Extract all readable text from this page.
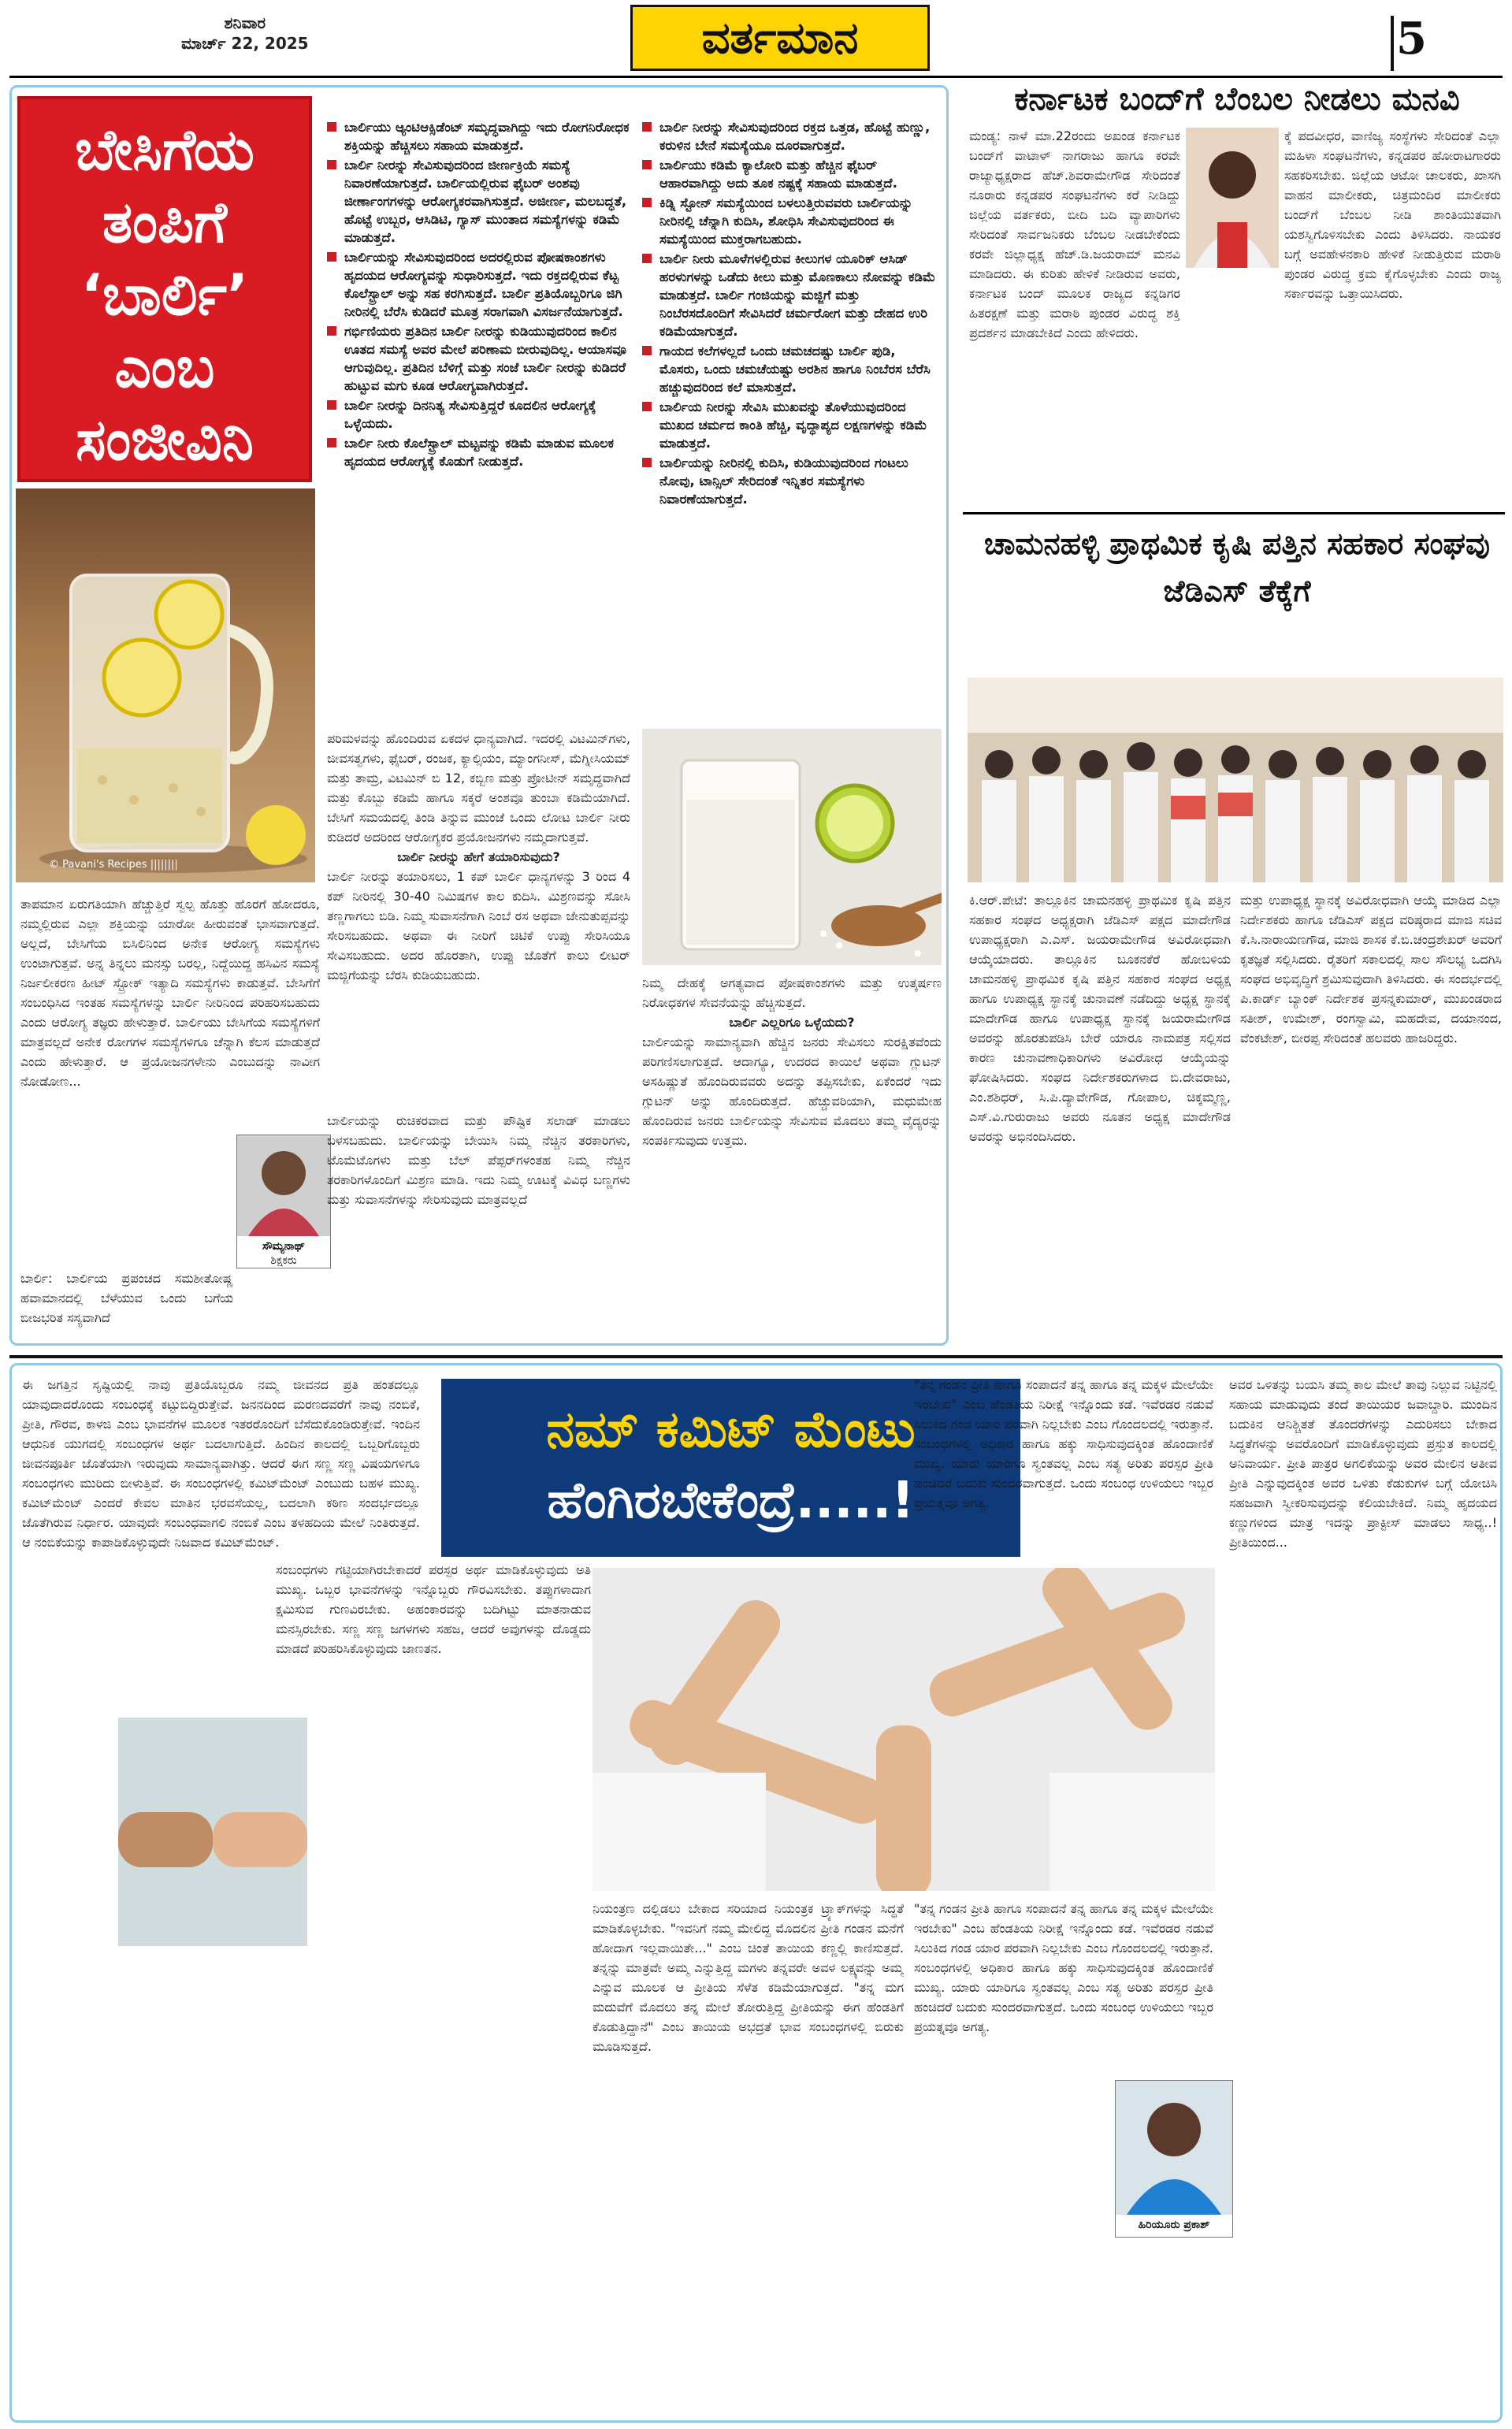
ಶನಿವಾರ
ಮಾರ್ಚ್ 22, 2025	ವರ್ತಮಾನ	5
ಬೇಸಿಗೆಯ
ತಂಪಿಗೆ
‘ಬಾರ್ಲಿ’
ಎಂಬ
ಸಂಜೀವಿನಿ
© Pavani's Recipes ||||||||
ಬಾರ್ಲಿಯು ಆ್ಯಂಟಿಆಕ್ಸಿಡೆಂಟ್ ಸಮೃದ್ಧವಾಗಿದ್ದು ಇದು ರೋಗನಿರೋಧಕ ಶಕ್ತಿಯನ್ನು ಹೆಚ್ಚಿಸಲು ಸಹಾಯ ಮಾಡುತ್ತದೆ.
ಬಾರ್ಲಿ ನೀರನ್ನು ಸೇವಿಸುವುದರಿಂದ ಜೀರ್ಣಕ್ರಿಯೆ ಸಮಸ್ಯೆ ನಿವಾರಣೆಯಾಗುತ್ತದೆ. ಬಾರ್ಲಿಯಲ್ಲಿರುವ ಫೈಬರ್ ಅಂಶವು ಜೀರ್ಣಾಂಗಗಳನ್ನು ಆರೋಗ್ಯಕರವಾಗಿಸುತ್ತದೆ. ಅಜೀರ್ಣ, ಮಲಬದ್ಧತೆ, ಹೊಟ್ಟೆ ಉಬ್ಬರ, ಆಸಿಡಿಟಿ, ಗ್ಯಾಸ್ ಮುಂತಾದ ಸಮಸ್ಯೆಗಳನ್ನು ಕಡಿಮೆ ಮಾಡುತ್ತದೆ.
ಬಾರ್ಲಿಯನ್ನು ಸೇವಿಸುವುದರಿಂದ ಅದರಲ್ಲಿರುವ ಪೋಷಕಾಂಶಗಳು ಹೃದಯದ ಆರೋಗ್ಯವನ್ನು ಸುಧಾರಿಸುತ್ತದೆ. ಇದು ರಕ್ತದಲ್ಲಿರುವ ಕೆಟ್ಟ ಕೊಲೆಸ್ಟ್ರಾಲ್ ಅನ್ನು ಸಹ ಕರಗಿಸುತ್ತದೆ. ಬಾರ್ಲಿ ಪ್ರತಿಯೊಬ್ಬರಿಗೂ ಜಿಗಿ ನೀರಿನಲ್ಲಿ ಬೆರೆಸಿ ಕುಡಿದರೆ ಮೂತ್ರ ಸರಾಗವಾಗಿ ವಿಸರ್ಜನೆಯಾಗುತ್ತದೆ.
ಗರ್ಭಿಣಿಯರು ಪ್ರತಿದಿನ ಬಾರ್ಲಿ ನೀರನ್ನು ಕುಡಿಯುವುದರಿಂದ ಕಾಲಿನ ಊತದ ಸಮಸ್ಯೆ ಅವರ ಮೇಲೆ ಪರಿಣಾಮ ಬೀರುವುದಿಲ್ಲ. ಆಯಾಸವೂ ಆಗುವುದಿಲ್ಲ. ಪ್ರತಿದಿನ ಬೆಳಿಗ್ಗೆ ಮತ್ತು ಸಂಜೆ ಬಾರ್ಲಿ ನೀರನ್ನು ಕುಡಿದರೆ ಹುಟ್ಟುವ ಮಗು ಕೂಡ ಆರೋಗ್ಯವಾಗಿರುತ್ತದೆ.
ಬಾರ್ಲಿ ನೀರನ್ನು ದಿನನಿತ್ಯ ಸೇವಿಸುತ್ತಿದ್ದರೆ ಕೂದಲಿನ ಆರೋಗ್ಯಕ್ಕೆ ಒಳ್ಳೆಯದು.
ಬಾರ್ಲಿ ನೀರು ಕೊಲೆಸ್ಟ್ರಾಲ್ ಮಟ್ಟವನ್ನು ಕಡಿಮೆ ಮಾಡುವ ಮೂಲಕ ಹೃದಯದ ಆರೋಗ್ಯಕ್ಕೆ ಕೊಡುಗೆ ನೀಡುತ್ತದೆ.
ಬಾರ್ಲಿ ನೀರನ್ನು ಸೇವಿಸುವುದರಿಂದ ರಕ್ತದ ಒತ್ತಡ, ಹೊಟ್ಟೆ ಹುಣ್ಣು, ಕರುಳಿನ ಬೇನೆ ಸಮಸ್ಯೆಯೂ ದೂರವಾಗುತ್ತದೆ.
ಬಾರ್ಲಿಯು ಕಡಿಮೆ ಕ್ಯಾಲೋರಿ ಮತ್ತು ಹೆಚ್ಚಿನ ಫೈಬರ್ ಆಹಾರವಾಗಿದ್ದು ಅದು ತೂಕ ನಷ್ಟಕ್ಕೆ ಸಹಾಯ ಮಾಡುತ್ತದೆ.
ಕಿಡ್ನಿ ಸ್ಟೋನ್ ಸಮಸ್ಯೆಯಿಂದ ಬಳಲುತ್ತಿರುವವರು ಬಾರ್ಲಿಯನ್ನು ನೀರಿನಲ್ಲಿ ಚೆನ್ನಾಗಿ ಕುದಿಸಿ, ಶೋಧಿಸಿ ಸೇವಿಸುವುದರಿಂದ ಈ ಸಮಸ್ಯೆಯಿಂದ ಮುಕ್ತರಾಗಬಹುದು.
ಬಾರ್ಲಿ ನೀರು ಮೂಳೆಗಳಲ್ಲಿರುವ ಕೀಲುಗಳ ಯೂರಿಕ್ ಆಸಿಡ್ ಹರಳುಗಳನ್ನು ಒಡೆದು ಕೀಲು ಮತ್ತು ಮೊಣಕಾಲು ನೋವನ್ನು ಕಡಿಮೆ ಮಾಡುತ್ತದೆ. ಬಾರ್ಲಿ ಗಂಜಿಯನ್ನು ಮಜ್ಜಿಗೆ ಮತ್ತು ನಿಂಬೆರಸದೊಂದಿಗೆ ಸೇವಿಸಿದರೆ ಚರ್ಮರೋಗ ಮತ್ತು ದೇಹದ ಉರಿ ಕಡಿಮೆಯಾಗುತ್ತದೆ.
ಗಾಯದ ಕಲೆಗಳಲ್ಲದೆ ಒಂದು ಚಮಚದಷ್ಟು ಬಾರ್ಲಿ ಪುಡಿ, ಮೊಸರು, ಒಂದು ಚಮಚೆಯಷ್ಟು ಅರಶಿನ ಹಾಗೂ ನಿಂಬೆರಸ ಬೆರೆಸಿ ಹಚ್ಚುವುದರಿಂದ ಕಲೆ ಮಾಸುತ್ತದೆ.
ಬಾರ್ಲಿಯ ನೀರನ್ನು ಸೇವಿಸಿ ಮುಖವನ್ನು ತೊಳೆಯುವುದರಿಂದ ಮುಖದ ಚರ್ಮದ ಕಾಂತಿ ಹೆಚ್ಚಿ, ವೃದ್ಧಾಪ್ಯದ ಲಕ್ಷಣಗಳನ್ನು ಕಡಿಮೆ ಮಾಡುತ್ತದೆ.
ಬಾರ್ಲಿಯನ್ನು ನೀರಿನಲ್ಲಿ ಕುದಿಸಿ, ಕುಡಿಯುವುದರಿಂದ ಗಂಟಲು ನೋವು, ಟಾನ್ಸಿಲ್ ಸೇರಿದಂತೆ ಇನ್ನಿತರ ಸಮಸ್ಯೆಗಳು ನಿವಾರಣೆಯಾಗುತ್ತದೆ.

ತಾಪಮಾನ ಏರುಗತಿಯಾಗಿ ಹೆಚ್ಚುತ್ತಿರೆ ಸ್ವಲ್ಪ ಹೊತ್ತು ಹೊರಗೆ ಹೋದರೂ, ನಮ್ಮಲ್ಲಿರುವ ಎಲ್ಲಾ ಶಕ್ತಿಯನ್ನು ಯಾರೋ ಹೀರುವಂತೆ ಭಾಸವಾಗುತ್ತದೆ. ಅಲ್ಲದೆ, ಬೇಸಿಗೆಯ ಬಿಸಿಲಿನಿಂದ ಅನೇಕ ಆರೋಗ್ಯ ಸಮಸ್ಯೆಗಳು ಉಂಟಾಗುತ್ತವೆ. ಅನ್ನ ತಿನ್ನಲು ಮನಸ್ಸು ಬರಲ್ಲ, ನಿದ್ದೆಯಿದ್ದ ಹಸಿವಿನ ಸಮಸ್ಯೆ ನಿರ್ಜಲೀಕರಣ ಹೀಟ್ ಸ್ಟ್ರೋಕ್ ಇತ್ಯಾದಿ ಸಮಸ್ಯೆಗಳು ಕಾಡುತ್ತವೆ. ಬೇಸಿಗೆಗೆ ಸಂಬಂಧಿಸಿದ ಇಂತಹ ಸಮಸ್ಯೆಗಳನ್ನು ಬಾರ್ಲಿ ನೀರಿನಿಂದ ಪರಿಹರಿಸಬಹುದು ಎಂದು ಆರೋಗ್ಯ ತಜ್ಞರು ಹೇಳುತ್ತಾರೆ. ಬಾರ್ಲಿಯು ಬೇಸಿಗೆಯ ಸಮಸ್ಯೆಗಳಿಗೆ ಮಾತ್ರವಲ್ಲದೆ ಅನೇಕ ರೋಗಗಳ ಸಮಸ್ಯೆಗಳಿಗೂ ಚೆನ್ನಾಗಿ ಕೆಲಸ ಮಾಡುತ್ತದೆ ಎಂದು ಹೇಳುತ್ತಾರೆ. ಆ ಪ್ರಯೋಜನಗಳೇನು ಎಂಬುದನ್ನು ನಾವೀಗ ನೋಡೋಣ...

ಸೌಮ್ಯನಾಥ್
ಶಿಕ್ಷಕರು

ಬಾರ್ಲಿ: ಬಾರ್ಲಿಯ ಪ್ರಪಂಚದ ಸಮಶೀತೋಷ್ಣ ಹವಾಮಾನದಲ್ಲಿ ಬೆಳೆಯುವ ಒಂದು ಬಗೆಯ ಬೀಜಭರಿತ ಸಸ್ಯವಾಗಿದೆ

ಪರಿಮಳವನ್ನು ಹೊಂದಿರುವ ಏಕದಳ ಧಾನ್ಯವಾಗಿದೆ. ಇದರಲ್ಲಿ ವಿಟಮಿನ್‌ಗಳು, ಜೀವಸತ್ವಗಳು, ಫೈಬರ್, ರಂಜಕ, ಕ್ಯಾಲ್ಸಿಯಂ, ಮ್ಯಾಂಗನೀಸ್, ಮೆಗ್ನೀಸಿಯಮ್ ಮತ್ತು ತಾಮ್ರ, ವಿಟಮಿನ್ ಬಿ 12, ಕಬ್ಬಿಣ ಮತ್ತು ಪ್ರೋಟೀನ್ ಸಮೃದ್ಧವಾಗಿದೆ ಮತ್ತು ಕೊಬ್ಬು ಕಡಿಮೆ ಹಾಗೂ ಸಕ್ಕರೆ ಅಂಶವೂ ತುಂಬಾ ಕಡಿಮೆಯಾಗಿದೆ. ಬೇಸಿಗೆ ಸಮಯದಲ್ಲಿ ತಿಂಡಿ ತಿನ್ನುವ ಮುಂಚೆ ಒಂದು ಲೋಟ ಬಾರ್ಲಿ ನೀರು ಕುಡಿದರೆ ಅದರಿಂದ ಆರೋಗ್ಯಕರ ಪ್ರಯೋಜನಗಳು ನಮ್ಮದಾಗುತ್ತವೆ.

ಬಾರ್ಲಿ ನೀರನ್ನು ಹೇಗೆ ತಯಾರಿಸುವುದು?

ಬಾರ್ಲಿ ನೀರನ್ನು ತಯಾರಿಸಲು, 1 ಕಪ್ ಬಾರ್ಲಿ ಧಾನ್ಯಗಳನ್ನು 3 ರಿಂದ 4 ಕಪ್ ನೀರಿನಲ್ಲಿ 30-40 ನಿಮಿಷಗಳ ಕಾಲ ಕುದಿಸಿ. ಮಿಶ್ರಣವನ್ನು ಸೋಸಿ ತಣ್ಣಗಾಗಲು ಬಿಡಿ. ನಿಮ್ಮ ಸುವಾಸನೆಗಾಗಿ ನಿಂಬೆ ರಸ ಅಥವಾ ಜೇನುತುಪ್ಪವನ್ನು ಸೇರಿಸಬಹುದು. ಅಥವಾ ಈ ನೀರಿಗೆ ಚಿಟಿಕೆ ಉಪ್ಪು ಸೇರಿಸಿಯೂ ಸೇವಿಸಬಹುದು. ಅದರ ಹೊರತಾಗಿ, ಉಪ್ಪು ಜೊತೆಗೆ ಕಾಲು ಲೀಟರ್ ಮಜ್ಜಿಗೆಯನ್ನು ಬೆರಸಿ ಕುಡಿಯಬಹುದು.

ಬಾರ್ಲಿಯನ್ನು ರುಚಿಕರವಾದ ಮತ್ತು ಪೌಷ್ಟಿಕ ಸಲಾಡ್ ಮಾಡಲು ಬಳಸಬಹುದು. ಬಾರ್ಲಿಯನ್ನು ಬೇಯಿಸಿ ನಿಮ್ಮ ನೆಚ್ಚಿನ ತರಕಾರಿಗಳು, ಟೊಮೆಟೊಗಳು ಮತ್ತು ಬೆಲ್ ಪೆಪ್ಪರ್‌ಗಳಂತಹ ನಿಮ್ಮ ನೆಚ್ಚಿನ ತರಕಾರಿಗಳೊಂದಿಗೆ ಮಿಶ್ರಣ ಮಾಡಿ. ಇದು ನಿಮ್ಮ ಊಟಕ್ಕೆ ವಿವಿಧ ಬಣ್ಣಗಳು ಮತ್ತು ಸುವಾಸನೆಗಳನ್ನು ಸೇರಿಸುವುದು ಮಾತ್ರವಲ್ಲದೆ

ನಿಮ್ಮ ದೇಹಕ್ಕೆ ಅಗತ್ಯವಾದ ಪೋಷಕಾಂಶಗಳು ಮತ್ತು ಉತ್ಕರ್ಷಣ ನಿರೋಧಕಗಳ ಸೇವನೆಯನ್ನು ಹೆಚ್ಚಿಸುತ್ತದೆ.

ಬಾರ್ಲಿ ಎಲ್ಲರಿಗೂ ಒಳ್ಳೆಯದು?

ಬಾರ್ಲಿಯನ್ನು ಸಾಮಾನ್ಯವಾಗಿ ಹೆಚ್ಚಿನ ಜನರು ಸೇವಿಸಲು ಸುರಕ್ಷಿತವೆಂದು ಪರಿಗಣಿಸಲಾಗುತ್ತದೆ. ಆದಾಗ್ಯೂ, ಉದರದ ಕಾಯಿಲೆ ಅಥವಾ ಗ್ಲುಟನ್ ಅಸಹಿಷ್ಣುತೆ ಹೊಂದಿರುವವರು ಅದನ್ನು ತಪ್ಪಿಸಬೇಕು, ಏಕೆಂದರೆ ಇದು ಗ್ಲುಟನ್ ಅನ್ನು ಹೊಂದಿರುತ್ತದೆ. ಹೆಚ್ಚುವರಿಯಾಗಿ, ಮಧುಮೇಹ ಹೊಂದಿರುವ ಜನರು ಬಾರ್ಲಿಯನ್ನು ಸೇವಿಸುವ ಮೊದಲು ತಮ್ಮ ವೈದ್ಯರನ್ನು ಸಂಪರ್ಕಿಸುವುದು ಉತ್ತಮ.

ಕರ್ನಾಟಕ ಬಂದ್‌ಗೆ ಬೆಂಬಲ ನೀಡಲು ಮನವಿ

ಮಂಡ್ಯ: ನಾಳೆ ಮಾ.22ರಂದು ಅಖಂಡ ಕರ್ನಾಟಕ ಬಂದ್‌ಗೆ ವಾಟಾಳ್ ನಾಗರಾಜು ಹಾಗೂ ಕರವೇ ರಾಜ್ಯಾಧ್ಯಕ್ಷರಾದ ಹೆಚ್.ಶಿವರಾಮೇಗೌಡ ಸೇರಿದಂತೆ ನೂರಾರು ಕನ್ನಡಪರ ಸಂಘಟನೆಗಳು ಕರೆ ನೀಡಿದ್ದು ಜಿಲ್ಲೆಯ ವರ್ತಕರು, ಬೀದಿ ಬದಿ ವ್ಯಾಪಾರಿಗಳು ಸೇರಿದಂತೆ ಸಾರ್ವಜನಿಕರು ಬೆಂಬಲ ನೀಡಬೇಕೆಂದು ಕರವೇ ಜಿಲ್ಲಾಧ್ಯಕ್ಷ ಹೆಚ್.ಡಿ.ಜಯರಾಮ್ ಮನವಿ ಮಾಡಿದರು. ಈ ಕುರಿತು ಹೇಳಿಕೆ ನೀಡಿರುವ ಅವರು, ಕರ್ನಾಟಕ ಬಂದ್ ಮೂಲಕ ರಾಜ್ಯದ ಕನ್ನಡಿಗರ ಹಿತರಕ್ಷಣೆ ಮತ್ತು ಮರಾಠಿ ಪುಂಡರ ವಿರುದ್ಧ ಶಕ್ತಿ ಪ್ರದರ್ಶನ ಮಾಡಬೇಕಿದೆ ಎಂದು ಹೇಳಿದರು.

ಕ್ಕೆ ಪದವೀಧರ, ವಾಣಿಜ್ಯ ಸಂಸ್ಥೆಗಳು ಸೇರಿದಂತೆ ಎಲ್ಲಾ ಮಹಿಳಾ ಸಂಘಟನೆಗಳು, ಕನ್ನಡಪರ ಹೋರಾಟಗಾರರು ಸಹಕರಿಸಬೇಕು. ಜಿಲ್ಲೆಯ ಆಟೋ ಚಾಲಕರು, ಖಾಸಗಿ ವಾಹನ ಮಾಲೀಕರು, ಚಿತ್ರಮಂದಿರ ಮಾಲೀಕರು ಬಂದ್‌ಗೆ ಬೆಂಬಲ ನೀಡಿ ಶಾಂತಿಯುತವಾಗಿ ಯಶಸ್ವಿಗೊಳಿಸಬೇಕು ಎಂದು ತಿಳಿಸಿದರು. ನಾಯಕರ ಬಗ್ಗೆ ಅವಹೇಳನಕಾರಿ ಹೇಳಿಕೆ ನೀಡುತ್ತಿರುವ ಮರಾಠಿ ಪುಂಡರ ವಿರುದ್ಧ ಕ್ರಮ ಕೈಗೊಳ್ಳಬೇಕು ಎಂದು ರಾಜ್ಯ ಸರ್ಕಾರವನ್ನು ಒತ್ತಾಯಿಸಿದರು.

ಚಾಮನಹಳ್ಳಿ ಪ್ರಾಥಮಿಕ ಕೃಷಿ ಪತ್ತಿನ ಸಹಕಾರ ಸಂಘವು ಜೆಡಿಎಸ್ ತೆಕ್ಕೆಗೆ

ಕಿ.ಆರ್.ಪೇಟೆ: ತಾಲ್ಲೂಕಿನ ಚಾಮನಹಳ್ಳಿ ಪ್ರಾಥಮಿಕ ಕೃಷಿ ಪತ್ತಿನ ಸಹಕಾರ ಸಂಘದ ಅಧ್ಯಕ್ಷರಾಗಿ ಜೆಡಿಎಸ್ ಪಕ್ಷದ ಮಾದೇಗೌಡ ಉಪಾಧ್ಯಕ್ಷರಾಗಿ ಎ.ಎಸ್. ಜಯರಾಮೇಗೌಡ ಅವಿರೋಧವಾಗಿ ಆಯ್ಕೆಯಾದರು. ತಾಲ್ಲೂಕಿನ ಬೂಕನಕೆರೆ ಹೋಬಳಿಯ ಚಾಮನಹಳ್ಳಿ ಪ್ರಾಥಮಿಕ ಕೃಷಿ ಪತ್ತಿನ ಸಹಕಾರ ಸಂಘದ ಅಧ್ಯಕ್ಷ ಹಾಗೂ ಉಪಾಧ್ಯಕ್ಷ ಸ್ಥಾನಕ್ಕೆ ಚುನಾವಣೆ ನಡೆದಿದ್ದು ಅಧ್ಯಕ್ಷ ಸ್ಥಾನಕ್ಕೆ ಮಾದೇಗೌಡ ಹಾಗೂ ಉಪಾಧ್ಯಕ್ಷ ಸ್ಥಾನಕ್ಕೆ ಜಯರಾಮೇಗೌಡ ಅವರನ್ನು ಹೊರತುಪಡಿಸಿ ಬೇರೆ ಯಾರೂ ನಾಮಪತ್ರ ಸಲ್ಲಿಸದ ಕಾರಣ ಚುನಾವಣಾಧಿಕಾರಿಗಳು ಅವಿರೋಧ ಆಯ್ಕೆಯನ್ನು ಘೋಷಿಸಿದರು. ಸಂಘದ ನಿರ್ದೇಶಕರುಗಳಾದ ಬಿ.ದೇವರಾಜು, ಎಂ.ಶಶಿಧರ್, ಸಿ.ಪಿ.ದ್ಯಾವೇಗೌಡ, ಗೋಪಾಲ, ಚಿಕ್ಕಮ್ಮಣ್ಣ, ಎಸ್.ವಿ.ಗುರುರಾಜು ಅವರು ನೂತನ ಅಧ್ಯಕ್ಷ ಮಾದೇಗೌಡ ಅವರನ್ನು ಅಭಿನಂದಿಸಿದರು.

ಮತ್ತು ಉಪಾಧ್ಯಕ್ಷ ಸ್ಥಾನಕ್ಕೆ ಅವಿರೋಧವಾಗಿ ಆಯ್ಕೆ ಮಾಡಿದ ಎಲ್ಲಾ ನಿರ್ದೇಶಕರು ಹಾಗೂ ಜೆಡಿಎಸ್ ಪಕ್ಷದ ವರಿಷ್ಠರಾದ ಮಾಜಿ ಸಚಿವ ಕೆ.ಸಿ.ನಾರಾಯಣಗೌಡ, ಮಾಜಿ ಶಾಸಕ ಕೆ.ಬಿ.ಚಂದ್ರಶೇಖರ್ ಅವರಿಗೆ ಕೃತಜ್ಞತೆ ಸಲ್ಲಿಸಿದರು. ರೈತರಿಗೆ ಸಕಾಲದಲ್ಲಿ ಸಾಲ ಸೌಲಭ್ಯ ಒದಗಿಸಿ ಸಂಘದ ಅಭಿವೃದ್ಧಿಗೆ ಶ್ರಮಿಸುವುದಾಗಿ ತಿಳಿಸಿದರು. ಈ ಸಂದರ್ಭದಲ್ಲಿ ಪಿ.ಕಾರ್ಡ್ ಬ್ಯಾಂಕ್ ನಿರ್ದೇಶಕ ಪ್ರಸನ್ನಕುಮಾರ್, ಮುಖಂಡರಾದ ಸತೀಶ್, ಉಮೇಶ್, ರಂಗಸ್ವಾಮಿ, ಮಹದೇವ, ದಯಾನಂದ, ವೆಂಕಟೇಶ್, ಬೀರಪ್ಪ ಸೇರಿದಂತೆ ಹಲವರು ಹಾಜರಿದ್ದರು.

ನಮ್ ಕಮಿಟ್ ಮೆಂಟು
ಹೆಂಗಿರಬೇಕೆಂದ್ರೆ.....!

ಈ ಜಗತ್ತಿನ ಸೃಷ್ಟಿಯಲ್ಲಿ ನಾವು ಪ್ರತಿಯೊಬ್ಬರೂ ನಮ್ಮ ಜೀವನದ ಪ್ರತಿ ಹಂತದಲ್ಲೂ ಯಾವುದಾದರೊಂದು ಸಂಬಂಧಕ್ಕೆ ಕಟ್ಟುಬಿದ್ದಿರುತ್ತೇವೆ. ಜನನದಿಂದ ಮರಣದವರೆಗೆ ನಾವು ನಂಬಿಕೆ, ಪ್ರೀತಿ, ಗೌರವ, ಕಾಳಜಿ ಎಂಬ ಭಾವನೆಗಳ ಮೂಲಕ ಇತರರೊಂದಿಗೆ ಬೆಸೆದುಕೊಂಡಿರುತ್ತೇವೆ. ಇಂದಿನ ಆಧುನಿಕ ಯುಗದಲ್ಲಿ ಸಂಬಂಧಗಳ ಅರ್ಥ ಬದಲಾಗುತ್ತಿದೆ. ಹಿಂದಿನ ಕಾಲದಲ್ಲಿ ಒಬ್ಬರಿಗೊಬ್ಬರು ಜೀವನಪೂರ್ತಿ ಜೊತೆಯಾಗಿ ಇರುವುದು ಸಾಮಾನ್ಯವಾಗಿತ್ತು. ಆದರೆ ಈಗ ಸಣ್ಣ ಸಣ್ಣ ವಿಷಯಗಳಿಗೂ ಸಂಬಂಧಗಳು ಮುರಿದು ಬೀಳುತ್ತಿವೆ. ಈ ಸಂಬಂಧಗಳಲ್ಲಿ ಕಮಿಟ್‌ಮೆಂಟ್ ಎಂಬುದು ಬಹಳ ಮುಖ್ಯ. ಕಮಿಟ್‌ಮೆಂಟ್ ಎಂದರೆ ಕೇವಲ ಮಾತಿನ ಭರವಸೆಯಲ್ಲ, ಬದಲಾಗಿ ಕಠಿಣ ಸಂದರ್ಭದಲ್ಲೂ ಜೊತೆಗಿರುವ ನಿರ್ಧಾರ. ಯಾವುದೇ ಸಂಬಂಧವಾಗಲಿ ನಂಬಿಕೆ ಎಂಬ ತಳಹದಿಯ ಮೇಲೆ ನಿಂತಿರುತ್ತದೆ. ಆ ನಂಬಿಕೆಯನ್ನು ಕಾಪಾಡಿಕೊಳ್ಳುವುದೇ ನಿಜವಾದ ಕಮಿಟ್‌ಮೆಂಟ್.

ಸಂಬಂಧಗಳು ಗಟ್ಟಿಯಾಗಿರಬೇಕಾದರೆ ಪರಸ್ಪರ ಅರ್ಥ ಮಾಡಿಕೊಳ್ಳುವುದು ಅತಿ ಮುಖ್ಯ. ಒಬ್ಬರ ಭಾವನೆಗಳನ್ನು ಇನ್ನೊಬ್ಬರು ಗೌರವಿಸಬೇಕು. ತಪ್ಪುಗಳಾದಾಗ ಕ್ಷಮಿಸುವ ಗುಣವಿರಬೇಕು. ಅಹಂಕಾರವನ್ನು ಬದಿಗಿಟ್ಟು ಮಾತನಾಡುವ ಮನಸ್ಸಿರಬೇಕು. ಸಣ್ಣ ಸಣ್ಣ ಜಗಳಗಳು ಸಹಜ, ಆದರೆ ಅವುಗಳನ್ನು ದೊಡ್ಡದು ಮಾಡದೆ ಪರಿಹರಿಸಿಕೊಳ್ಳುವುದು ಜಾಣತನ.

ನಿಯಂತ್ರಣ ದಲ್ಲಿಡಲು ಬೇಕಾದ ಸರಿಯಾದ ನಿಯಂತ್ರಕ ಟ್ರ್ಯಾಕ್‌ಗಳನ್ನು ಸಿದ್ಧತೆ ಮಾಡಿಕೊಳ್ಳಬೇಕು. "ಇವನಿಗೆ ನಮ್ಮ ಮೇಲಿದ್ದ ಮೊದಲಿನ ಪ್ರೀತಿ ಗಂಡನ ಮನೆಗೆ ಹೋದಾಗ ಇಲ್ಲವಾಯಿತೇ..." ಎಂಬ ಚಿಂತೆ ತಾಯಿಯ ಕಣ್ಣಲ್ಲಿ ಕಾಣಿಸುತ್ತದೆ. ತನ್ನನ್ನು ಮಾತ್ರವೇ ಅಮ್ಮ ಎನ್ನುತ್ತಿದ್ದ ಮಗಳು ತನ್ನವರೇ ಅವಳ ಲಕ್ಷ್ಯವನ್ನು ಅಮ್ಮ ಎನ್ನುವ ಮೂಲಕ ಆ ಪ್ರೀತಿಯ ಸೆಳೆತ ಕಡಿಮೆಯಾಗುತ್ತದೆ. "ತನ್ನ ಮಗ ಮದುವೆಗೆ ಮೊದಲು ತನ್ನ ಮೇಲೆ ತೋರುತ್ತಿದ್ದ ಪ್ರೀತಿಯನ್ನು ಈಗ ಹೆಂಡತಿಗೆ ಕೊಡುತ್ತಿದ್ದಾನೆ" ಎಂಬ ತಾಯಿಯ ಅಭದ್ರತೆ ಭಾವ ಸಂಬಂಧಗಳಲ್ಲಿ ಬಿರುಕು ಮೂಡಿಸುತ್ತದೆ.

"ತನ್ನ ಗಂಡನ ಪ್ರೀತಿ ಹಾಗೂ ಸಂಪಾದನೆ ತನ್ನ ಹಾಗೂ ತನ್ನ ಮಕ್ಕಳ ಮೇಲೆಯೇ ಇರಬೇಕು" ಎಂಬ ಹೆಂಡತಿಯ ನಿರೀಕ್ಷೆ ಇನ್ನೊಂದು ಕಡೆ. ಇವೆರಡರ ನಡುವೆ ಸಿಲುಕಿದ ಗಂಡ ಯಾರ ಪರವಾಗಿ ನಿಲ್ಲಬೇಕು ಎಂಬ ಗೊಂದಲದಲ್ಲಿ ಇರುತ್ತಾನೆ. ಸಂಬಂಧಗಳಲ್ಲಿ ಅಧಿಕಾರ ಹಾಗೂ ಹಕ್ಕು ಸಾಧಿಸುವುದಕ್ಕಿಂತ ಹೊಂದಾಣಿಕೆ ಮುಖ್ಯ. ಯಾರು ಯಾರಿಗೂ ಸ್ವಂತವಲ್ಲ ಎಂಬ ಸತ್ಯ ಅರಿತು ಪರಸ್ಪರ ಪ್ರೀತಿ ಹಂಚಿದರೆ ಬದುಕು ಸುಂದರವಾಗುತ್ತದೆ. ಒಂದು ಸಂಬಂಧ ಉಳಿಯಲು ಇಬ್ಬರ ಪ್ರಯತ್ನವೂ ಅಗತ್ಯ.

"ತನ್ನ ಗಂಡನ ಪ್ರೀತಿ ಹಾಗೂ ಸಂಪಾದನೆ ತನ್ನ ಹಾಗೂ ತನ್ನ ಮಕ್ಕಳ ಮೇಲೆಯೇ ಇರಬೇಕು" ಎಂಬ ಹೆಂಡತಿಯ ನಿರೀಕ್ಷೆ ಇನ್ನೊಂದು ಕಡೆ. ಇವೆರಡರ ನಡುವೆ ಸಿಲುಕಿದ ಗಂಡ ಯಾರ ಪರವಾಗಿ ನಿಲ್ಲಬೇಕು ಎಂಬ ಗೊಂದಲದಲ್ಲಿ ಇರುತ್ತಾನೆ. ಸಂಬಂಧಗಳಲ್ಲಿ ಅಧಿಕಾರ ಹಾಗೂ ಹಕ್ಕು ಸಾಧಿಸುವುದಕ್ಕಿಂತ ಹೊಂದಾಣಿಕೆ ಮುಖ್ಯ. ಯಾರು ಯಾರಿಗೂ ಸ್ವಂತವಲ್ಲ ಎಂಬ ಸತ್ಯ ಅರಿತು ಪರಸ್ಪರ ಪ್ರೀತಿ ಹಂಚಿದರೆ ಬದುಕು ಸುಂದರವಾಗುತ್ತದೆ. ಒಂದು ಸಂಬಂಧ ಉಳಿಯಲು ಇಬ್ಬರ ಪ್ರಯತ್ನವೂ ಅಗತ್ಯ.

ಹಿರಿಯೂರು ಪ್ರಕಾಶ್

ಅವರ ಒಳಿತನ್ನು ಬಯಸಿ ತಮ್ಮ ಕಾಲ ಮೇಲೆ ತಾವು ನಿಲ್ಲುವ ನಿಟ್ಟಿನಲ್ಲಿ ಸಹಾಯ ಮಾಡುವುದು ತಂದೆ ತಾಯಿಯರ ಜವಾಬ್ದಾರಿ. ಮುಂದಿನ ಬದುಕಿನ ಆನಿಶ್ಚಿತತೆ ತೊಂದರೆಗಳನ್ನು ಎದುರಿಸಲು ಬೇಕಾದ ಸಿದ್ಧತೆಗಳನ್ನು ಅವರೊಂದಿಗೆ ಮಾಡಿಕೊಳ್ಳುವುದು ಪ್ರಸ್ತುತ ಕಾಲದಲ್ಲಿ ಅನಿವಾರ್ಯ. ಪ್ರೀತಿ ಪಾತ್ರರ ಅಗಲಿಕೆಯನ್ನು ಅವರ ಮೇಲಿನ ಅತೀವ ಪ್ರೀತಿ ಎನ್ನುವುದಕ್ಕಿಂತ ಅವರ ಒಳಿತು ಕೆಡುಕುಗಳ ಬಗ್ಗೆ ಯೋಚಿಸಿ ಸಹಜವಾಗಿ ಸ್ವೀಕರಿಸುವುದನ್ನು ಕಲಿಯಬೇಕಿದೆ. ನಿಮ್ಮ ಹೃದಯದ ಕಣ್ಣುಗಳಿಂದ ಮಾತ್ರ ಇದನ್ನು ಪ್ರಾಕ್ಟೀಸ್ ಮಾಡಲು ಸಾಧ್ಯ..! ಪ್ರೀತಿಯಿಂದ...
